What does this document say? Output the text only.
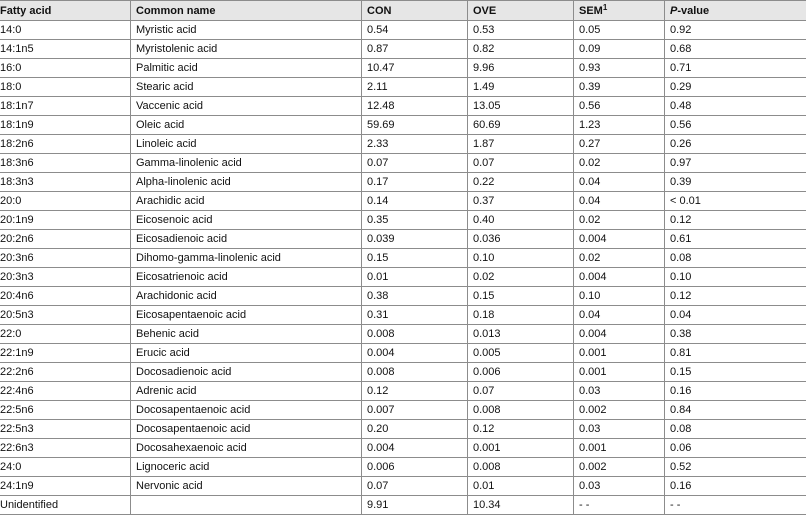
Fatty acid	Common name	CON	OVE	SEM$^1$	P-value
14:0	Myristic acid	0.54	0.53	0.05	0.92
14:1n5	Myristolenic acid	0.87	0.82	0.09	0.68
16:0	Palmitic acid	10.47	9.96	0.93	0.71
18:0	Stearic acid	2.11	1.49	0.39	0.29
18:1n7	Vaccenic acid	12.48	13.05	0.56	0.48
18:1n9	Oleic acid	59.69	60.69	1.23	0.56
18:2n6	Linoleic acid	2.33	1.87	0.27	0.26
18:3n6	Gamma-linolenic acid	0.07	0.07	0.02	0.97
18:3n3	Alpha-linolenic acid	0.17	0.22	0.04	0.39
20:0	Arachidic acid	0.14	0.37	0.04	< 0.01
20:1n9	Eicosenoic acid	0.35	0.40	0.02	0.12
20:2n6	Eicosadienoic acid	0.039	0.036	0.004	0.61
20:3n6	Dihomo-gamma-linolenic acid	0.15	0.10	0.02	0.08
20:3n3	Eicosatrienoic acid	0.01	0.02	0.004	0.10
20:4n6	Arachidonic acid	0.38	0.15	0.10	0.12
20:5n3	Eicosapentaenoic acid	0.31	0.18	0.04	0.04
22:0	Behenic acid	0.008	0.013	0.004	0.38
22:1n9	Erucic acid	0.004	0.005	0.001	0.81
22:2n6	Docosadienoic acid	0.008	0.006	0.001	0.15
22:4n6	Adrenic acid	0.12	0.07	0.03	0.16
22:5n6	Docosapentaenoic acid	0.007	0.008	0.002	0.84
22:5n3	Docosapentaenoic acid	0.20	0.12	0.03	0.08
22:6n3	Docosahexaenoic acid	0.004	0.001	0.001	0.06
24:0	Lignoceric acid	0.006	0.008	0.002	0.52
24:1n9	Nervonic acid	0.07	0.01	0.03	0.16
Unidentified		9.91	10.34	- -	- -
